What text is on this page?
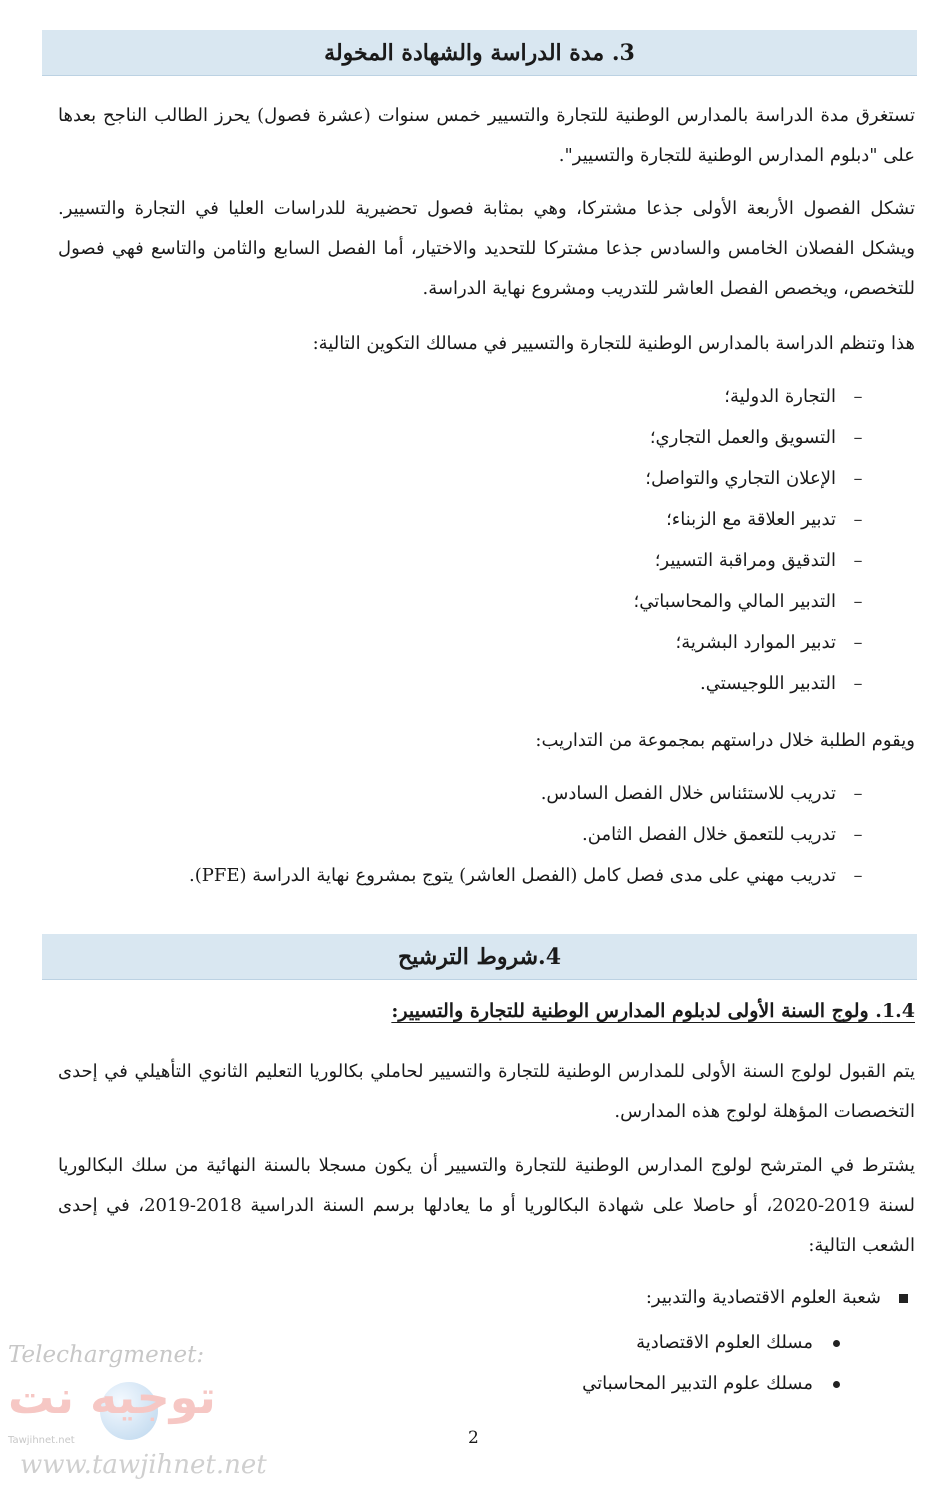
3. مدة الدراسة والشهادة المخولة

تستغرق مدة الدراسة بالمدارس الوطنية للتجارة والتسيير خمس سنوات (عشرة فصول) يحرز الطالب الناجح بعدها على "دبلوم المدارس الوطنية للتجارة والتسيير".

تشكل الفصول الأربعة الأولى جذعا مشتركا، وهي بمثابة فصول تحضيرية للدراسات العليا في التجارة والتسيير. ويشكل الفصلان الخامس والسادس جذعا مشتركا للتحديد والاختيار، أما الفصل السابع والثامن والتاسع فهي فصول للتخصص، ويخصص الفصل العاشر للتدريب ومشروع نهاية الدراسة.

هذا وتنظم الدراسة بالمدارس الوطنية للتجارة والتسيير في مسالك التكوين التالية:

–التجارة الدولية؛
–التسويق والعمل التجاري؛
–الإعلان التجاري والتواصل؛
–تدبير العلاقة مع الزبناء؛
–التدقيق ومراقبة التسيير؛
–التدبير المالي والمحاسباتي؛
–تدبير الموارد البشرية؛
–التدبير اللوجيستي.

ويقوم الطلبة خلال دراستهم بمجموعة من التداريب:

–تدريب للاستئناس خلال الفصل السادس.
–تدريب للتعمق خلال الفصل الثامن.
–تدريب مهني على مدى فصل كامل (الفصل العاشر) يتوج بمشروع نهاية الدراسة (PFE).
4.شروط الترشيح
1.4. ولوج السنة الأولى لدبلوم المدارس الوطنية للتجارة والتسيير:

يتم القبول لولوج السنة الأولى للمدارس الوطنية للتجارة والتسيير لحاملي بكالوريا التعليم الثانوي التأهيلي في إحدى التخصصات المؤهلة لولوج هذه المدارس.

يشترط في المترشح لولوج المدارس الوطنية للتجارة والتسيير أن يكون مسجلا بالسنة النهائية من سلك البكالوريا لسنة 2019-2020، أو حاصلا على شهادة البكالوريا أو ما يعادلها برسم السنة الدراسية 2018-2019، في إحدى الشعب التالية:

شعبة العلوم الاقتصادية والتدبير:
مسلك العلوم الاقتصادية
مسلك علوم التدبير المحاسباتي
2
Telechargmenet:
توجيه نت
Tawjihnet.net
www.tawjihnet.net
